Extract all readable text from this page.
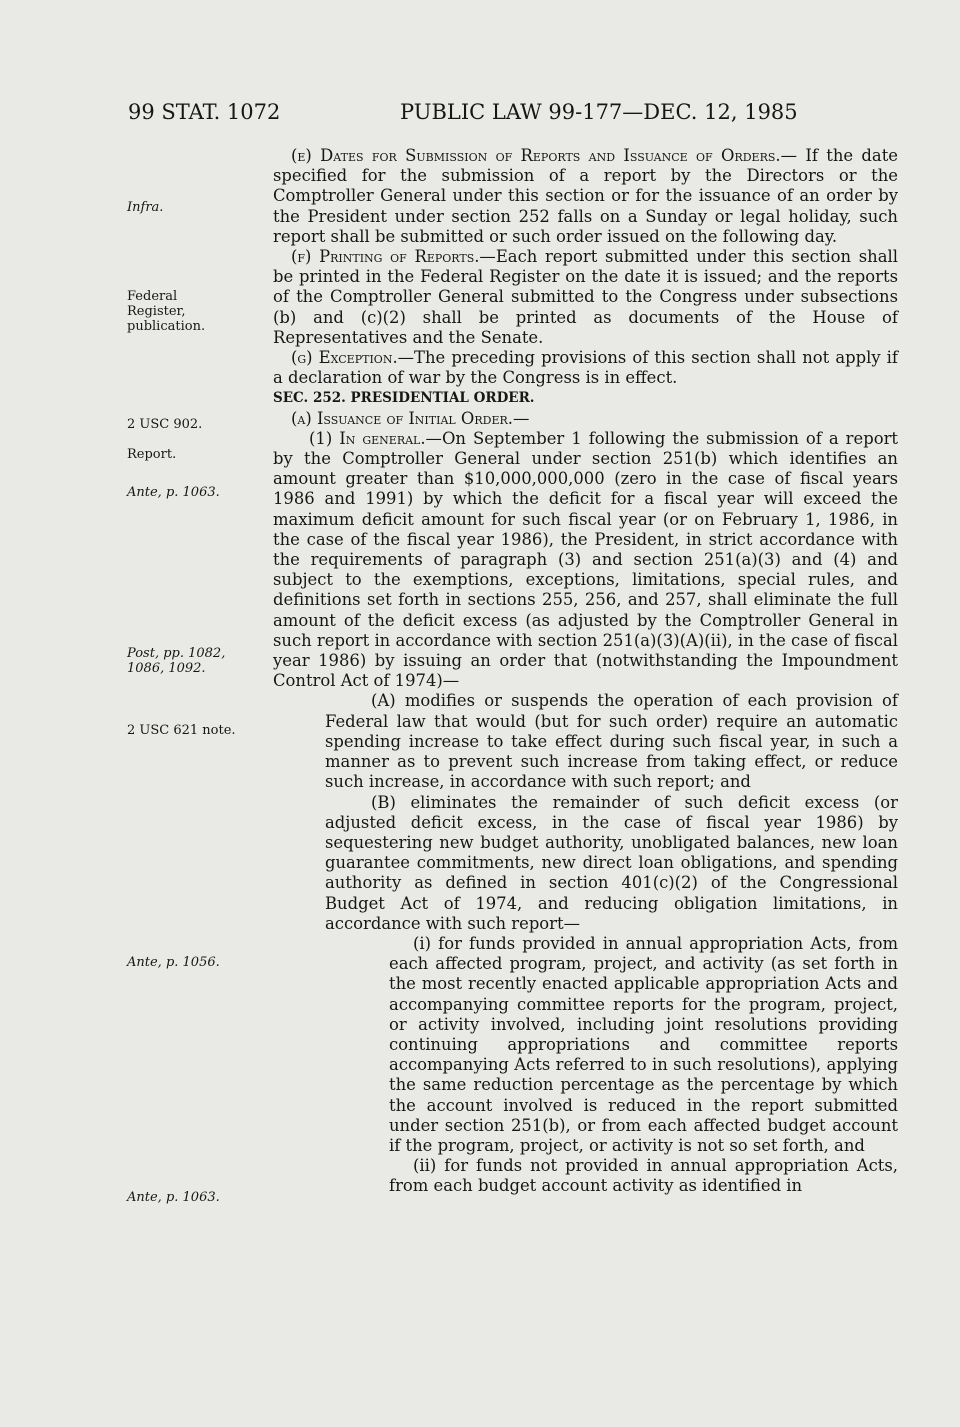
99 STAT. 1072	PUBLIC LAW 99-177—DEC. 12, 1985
Infra.
Federal Register, publication.
2 USC 902.
Report.
Ante, p. 1063.
Post, pp. 1082, 1086, 1092.
2 USC 621 note.
Ante, p. 1056.
Ante, p. 1063.

(e) Dates for Submission of Reports and Issuance of Orders.— If the date specified for the submission of a report by the Directors or the Comptroller General under this section or for the issuance of an order by the President under section 252 falls on a Sunday or legal holiday, such report shall be submitted or such order issued on the following day.

(f) Printing of Reports.—Each report submitted under this section shall be printed in the Federal Register on the date it is issued; and the reports of the Comptroller General submitted to the Congress under subsections (b) and (c)(2) shall be printed as documents of the House of Representatives and the Senate.

(g) Exception.—The preceding provisions of this section shall not apply if a declaration of war by the Congress is in effect.

SEC. 252. PRESIDENTIAL ORDER.

(a) Issuance of Initial Order.—

(1) In general.—On September 1 following the submission of a report by the Comptroller General under section 251(b) which identifies an amount greater than $10,000,000,000 (zero in the case of fiscal years 1986 and 1991) by which the deficit for a fiscal year will exceed the maximum deficit amount for such fiscal year (or on February 1, 1986, in the case of the fiscal year 1986), the President, in strict accordance with the requirements of paragraph (3) and section 251(a)(3) and (4) and subject to the exemptions, exceptions, limitations, special rules, and definitions set forth in sections 255, 256, and 257, shall eliminate the full amount of the deficit excess (as adjusted by the Comptroller General in such report in accordance with section 251(a)(3)(A)(ii), in the case of fiscal year 1986) by issuing an order that (notwithstanding the Impoundment Control Act of 1974)—

(A) modifies or suspends the operation of each provision of Federal law that would (but for such order) require an automatic spending increase to take effect during such fiscal year, in such a manner as to prevent such increase from taking effect, or reduce such increase, in accordance with such report; and

(B) eliminates the remainder of such deficit excess (or adjusted deficit excess, in the case of fiscal year 1986) by sequestering new budget authority, unobligated balances, new loan guarantee commitments, new direct loan obligations, and spending authority as defined in section 401(c)(2) of the Congressional Budget Act of 1974, and reducing obligation limitations, in accordance with such report—

(i) for funds provided in annual appropriation Acts, from each affected program, project, and activity (as set forth in the most recently enacted applicable appropriation Acts and accompanying committee reports for the program, project, or activity involved, including joint resolutions providing continuing appropriations and committee reports accompanying Acts referred to in such resolutions), applying the same reduction percentage as the percentage by which the account involved is reduced in the report submitted under section 251(b), or from each affected budget account if the program, project, or activity is not so set forth, and

(ii) for funds not provided in annual appropriation Acts, from each budget account activity as identified in
